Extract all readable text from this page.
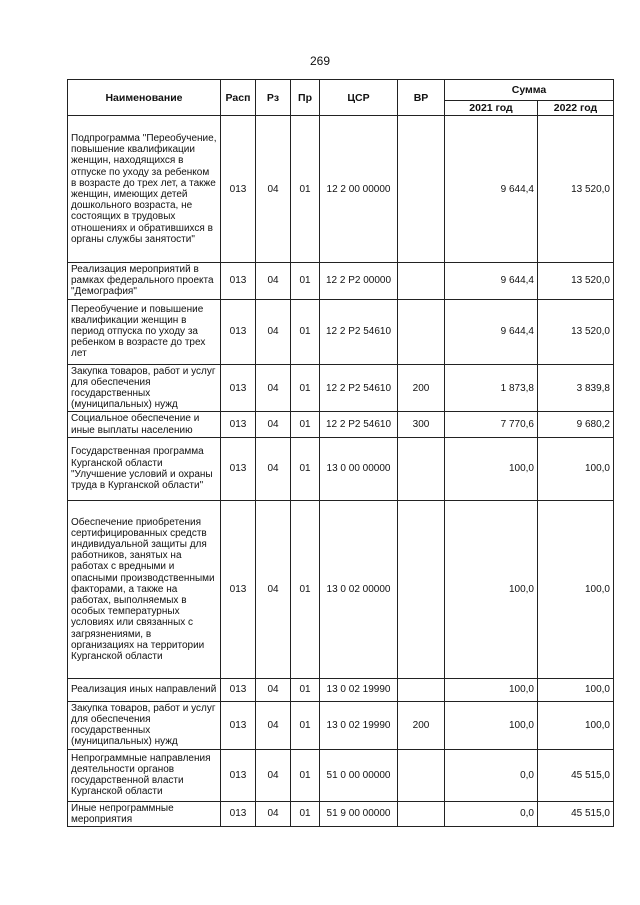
269
Наименование	Расп	Рз	Пр	ЦСР	ВР	Сумма	
						2021 год	2022 год
Подпрограмма "Переобучение, повышение квалификации женщин, находящихся в отпуске по уходу за ребенком в возрасте до трех лет, а также женщин, имеющих детей дошкольного возраста, не состоящих в трудовых отношениях и обратившихся в органы службы занятости"	013	04	01	12 2 00 00000		9 644,4	13 520,0
Реализация мероприятий в рамках федерального проекта "Демография"	013	04	01	12 2 P2 00000		9 644,4	13 520,0
Переобучение и повышение квалификации женщин в период отпуска по уходу за ребенком в возрасте до трех лет	013	04	01	12 2 P2 54610		9 644,4	13 520,0
Закупка товаров, работ и услуг для обеспечения государственных (муниципальных) нужд	013	04	01	12 2 P2 54610	200	1 873,8	3 839,8
Социальное обеспечение и иные выплаты населению	013	04	01	12 2 P2 54610	300	7 770,6	9 680,2
Государственная программа Курганской области "Улучшение условий и охраны труда в Курганской области"	013	04	01	13 0 00 00000		100,0	100,0
Обеспечение приобретения сертифицированных средств индивидуальной защиты для работников, занятых на работах с вредными и опасными производственными факторами, а также на работах, выполняемых в особых температурных условиях или связанных с загрязнениями, в организациях на территории Курганской области	013	04	01	13 0 02 00000		100,0	100,0
Реализация иных направлений	013	04	01	13 0 02 19990		100,0	100,0
Закупка товаров, работ и услуг для обеспечения государственных (муниципальных) нужд	013	04	01	13 0 02 19990	200	100,0	100,0
Непрограммные направления деятельности органов государственной власти Курганской области	013	04	01	51 0 00 00000		0,0	45 515,0
Иные непрограммные мероприятия	013	04	01	51 9 00 00000		0,0	45 515,0
